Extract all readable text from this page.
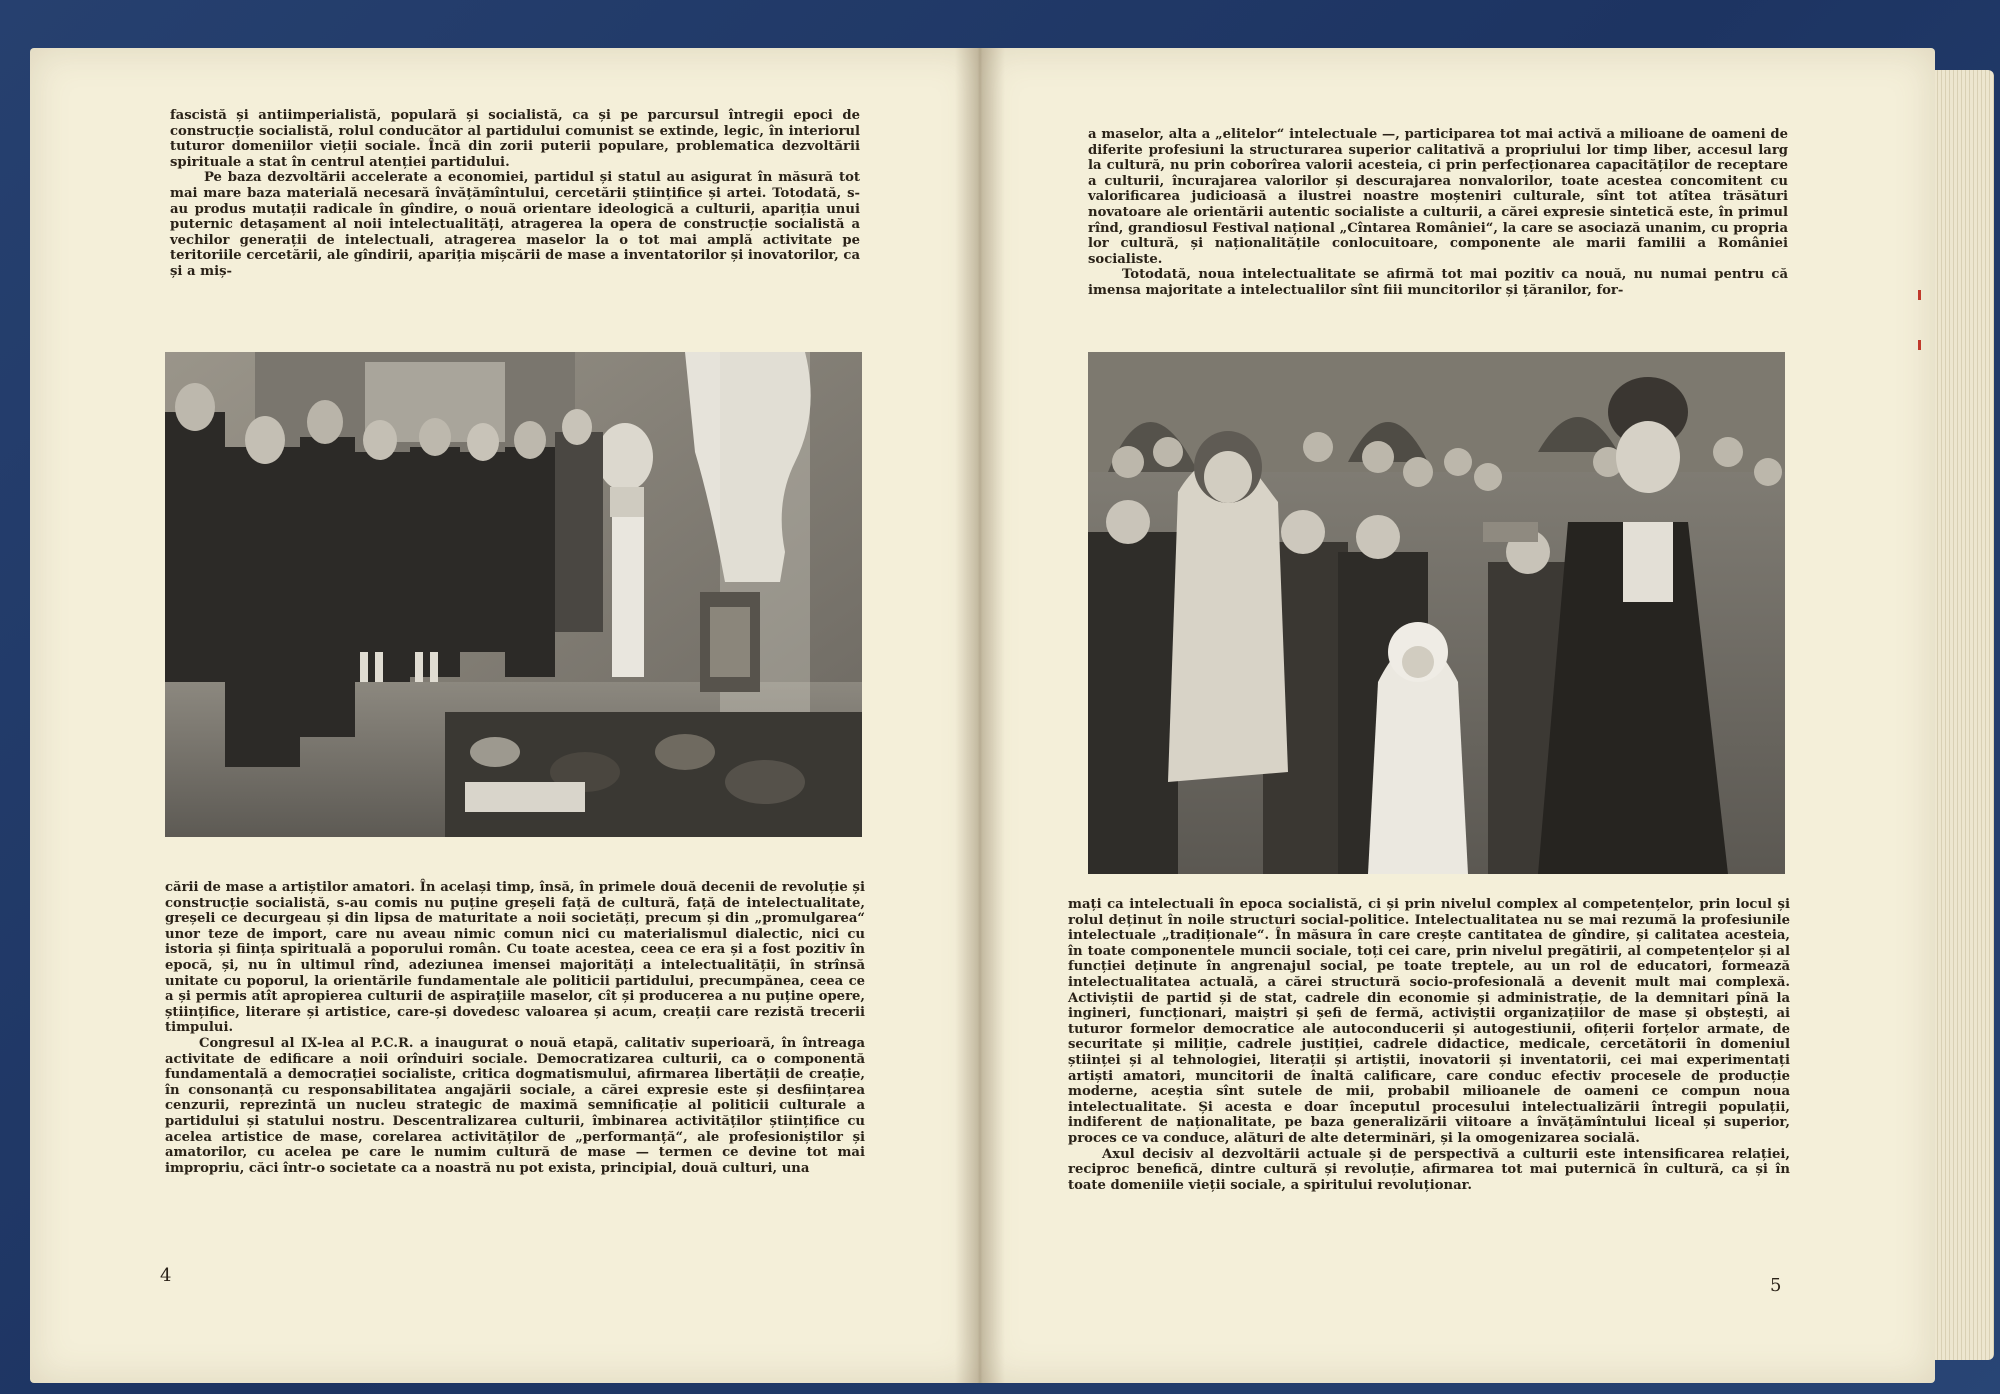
fascistă și antiimperialistă, populară și socialistă, ca și pe parcursul întregii epoci de construcție socialistă, rolul conducător al partidului comunist se extinde, legic, în interiorul tuturor domeniilor vieții sociale. Încă din zorii puterii populare, problematica dezvoltării spirituale a stat în centrul atenției partidului.

Pe baza dezvoltării accelerate a economiei, partidul și statul au asigurat în măsură tot mai mare baza materială necesară învățămîntului, cercetării științifice și artei. Totodată, s-au produs mutații radicale în gîndire, o nouă orientare ideologică a culturii, apariția unui puternic detașament al noii intelectualități, atragerea la opera de construcție socialistă a vechilor generații de intelectuali, atragerea maselor la o tot mai amplă activitate pe teritoriile cercetării, ale gîndirii, apariția mișcării de mase a inventatorilor și inovatorilor, ca și a miș-

cării de mase a artiștilor amatori. În același timp, însă, în primele două decenii de revoluție și construcție socialistă, s-au comis nu puține greșeli față de cultură, față de intelectualitate, greșeli ce decurgeau și din lipsa de maturitate a noii societăți, precum și din „promulgarea“ unor teze de import, care nu aveau nimic comun nici cu materialismul dialectic, nici cu istoria și ființa spirituală a poporului român. Cu toate acestea, ceea ce era și a fost pozitiv în epocă, și, nu în ultimul rînd, adeziunea imensei majorități a intelectualității, în strînsă unitate cu poporul, la orientările fundamentale ale politicii partidului, precumpănea, ceea ce a și permis atît apropierea culturii de aspirațiile maselor, cît și producerea a nu puține opere, științifice, literare și artistice, care-și dovedesc valoarea și acum, creații care rezistă trecerii timpului.

Congresul al IX-lea al P.C.R. a inaugurat o nouă etapă, calitativ superioară, în întreaga activitate de edificare a noii orînduiri sociale. Democratizarea culturii, ca o componentă fundamentală a democrației socialiste, critica dogmatismului, afirmarea libertății de creație, în consonanță cu responsabilitatea angajării sociale, a cărei expresie este și desființarea cenzurii, reprezintă un nucleu strategic de maximă semnificație al politicii culturale a partidului și statului nostru. Descentralizarea culturii, îmbinarea activităților științifice cu acelea artistice de mase, corelarea activităților de „performanță“, ale profesioniștilor și amatorilor, cu acelea pe care le numim cultură de mase — termen ce devine tot mai impropriu, căci într-o societate ca a noastră nu pot exista, principial, două culturi, una

4

a maselor, alta a „elitelor“ intelectuale —, participarea tot mai activă a milioane de oameni de diferite profesiuni la structurarea superior calitativă a propriului lor timp liber, accesul larg la cultură, nu prin coborîrea valorii acesteia, ci prin perfecționarea capacităților de receptare a culturii, încurajarea valorilor și descurajarea nonvalorilor, toate acestea concomitent cu valorificarea judicioasă a ilustrei noastre moșteniri culturale, sînt tot atîtea trăsături novatoare ale orientării autentic socialiste a culturii, a cărei expresie sintetică este, în primul rînd, grandiosul Festival național „Cîntarea României“, la care se asociază unanim, cu propria lor cultură, și naționalitățile conlocuitoare, componente ale marii familii a României socialiste.

Totodată, noua intelectualitate se afirmă tot mai pozitiv ca nouă, nu numai pentru că imensa majoritate a intelectualilor sînt fiii muncitorilor și țăranilor, for-

mați ca intelectuali în epoca socialistă, ci și prin nivelul complex al competențelor, prin locul și rolul deținut în noile structuri social-politice. Intelectualitatea nu se mai rezumă la profesiunile intelectuale „tradiționale“. În măsura în care crește cantitatea de gîndire, și calitatea acesteia, în toate componentele muncii sociale, toți cei care, prin nivelul pregătirii, al competențelor și al funcției deținute în angrenajul social, pe toate treptele, au un rol de educatori, formează intelectualitatea actuală, a cărei structură socio-profesională a devenit mult mai complexă. Activiștii de partid și de stat, cadrele din economie și administrație, de la demnitari pînă la ingineri, funcționari, maiștri și șefi de fermă, activiștii organizațiilor de mase și obștești, ai tuturor formelor democratice ale autoconducerii și autogestiunii, ofițerii forțelor armate, de securitate și miliție, cadrele justiției, cadrele didactice, medicale, cercetătorii în domeniul științei și al tehnologiei, literații și artiștii, inovatorii și inventatorii, cei mai experimentați artiști amatori, muncitorii de înaltă calificare, care conduc efectiv procesele de producție moderne, aceștia sînt sutele de mii, probabil milioanele de oameni ce compun noua intelectualitate. Și acesta e doar începutul procesului intelectualizării întregii populații, indiferent de naționalitate, pe baza generalizării viitoare a învățămîntului liceal și superior, proces ce va conduce, alături de alte determinări, și la omogenizarea socială.

Axul decisiv al dezvoltării actuale și de perspectivă a culturii este intensificarea relației, reciproc benefică, dintre cultură și revoluție, afirmarea tot mai puternică în cultură, ca și în toate domeniile vieții sociale, a spiritului revoluționar.

5
